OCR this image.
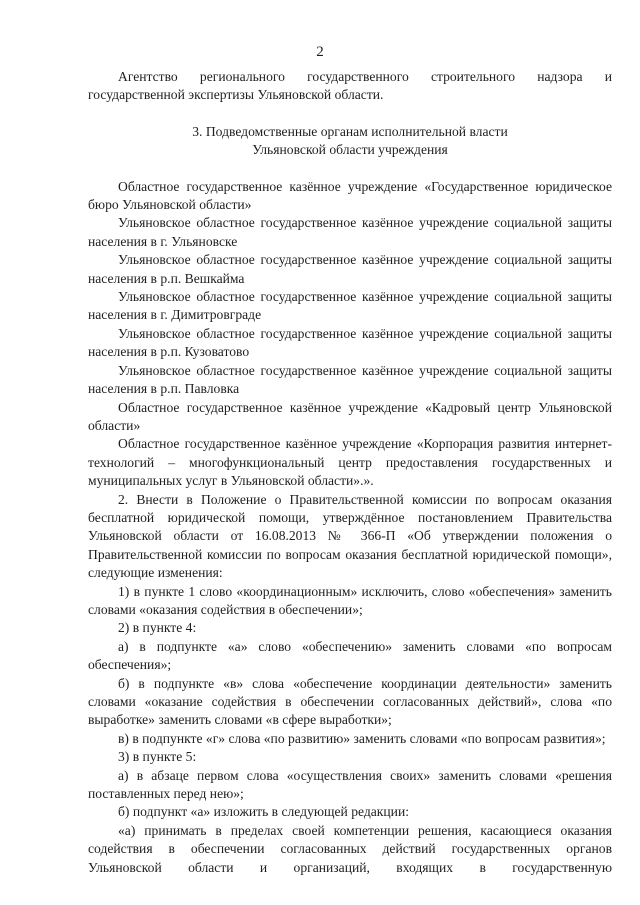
2

Агентство регионального государственного строительного надзора и государственной экспертизы Ульяновской области.

3. Подведомственные органам исполнительной власти

Ульяновской области учреждения

Областное государственное казённое учреждение «Государственное юридическое бюро Ульяновской области»

Ульяновское областное государственное казённое учреждение социальной защиты населения в г. Ульяновске

Ульяновское областное государственное казённое учреждение социальной защиты населения в р.п. Вешкайма

Ульяновское областное государственное казённое учреждение социальной защиты населения в г. Димитровграде

Ульяновское областное государственное казённое учреждение социальной защиты населения в р.п. Кузоватово

Ульяновское областное государственное казённое учреждение социальной защиты населения в р.п. Павловка

Областное государственное казённое учреждение «Кадровый центр Ульяновской области»

Областное государственное казённое учреждение «Корпорация развития интернет-технологий – многофункциональный центр предоставления государственных и муниципальных услуг в Ульяновской области».».

2. Внести в Положение о Правительственной комиссии по вопросам оказания бесплатной юридической помощи, утверждённое постановлением Правительства Ульяновской области от 16.08.2013 № 366-П «Об утверждении положения о Правительственной комиссии по вопросам оказания бесплатной юридической помощи», следующие изменения:

1) в пункте 1 слово «координационным» исключить, слово «обеспечения» заменить словами «оказания содействия в обеспечении»;

2) в пункте 4:

а) в подпункте «а» слово «обеспечению» заменить словами «по вопросам обеспечения»;

б) в подпункте «в» слова «обеспечение координации деятельности» заменить словами «оказание содействия в обеспечении согласованных действий», слова «по выработке» заменить словами «в сфере выработки»;

в) в подпункте «г» слова «по развитию» заменить словами «по вопросам развития»;

3) в пункте 5:

а) в абзаце первом слова «осуществления своих» заменить словами «решения поставленных перед нею»;

б) подпункт «а» изложить в следующей редакции:

«а) принимать в пределах своей компетенции решения, касающиеся оказания содействия в обеспечении согласованных действий государственных органов Ульяновской области и организаций, входящих в государственную
